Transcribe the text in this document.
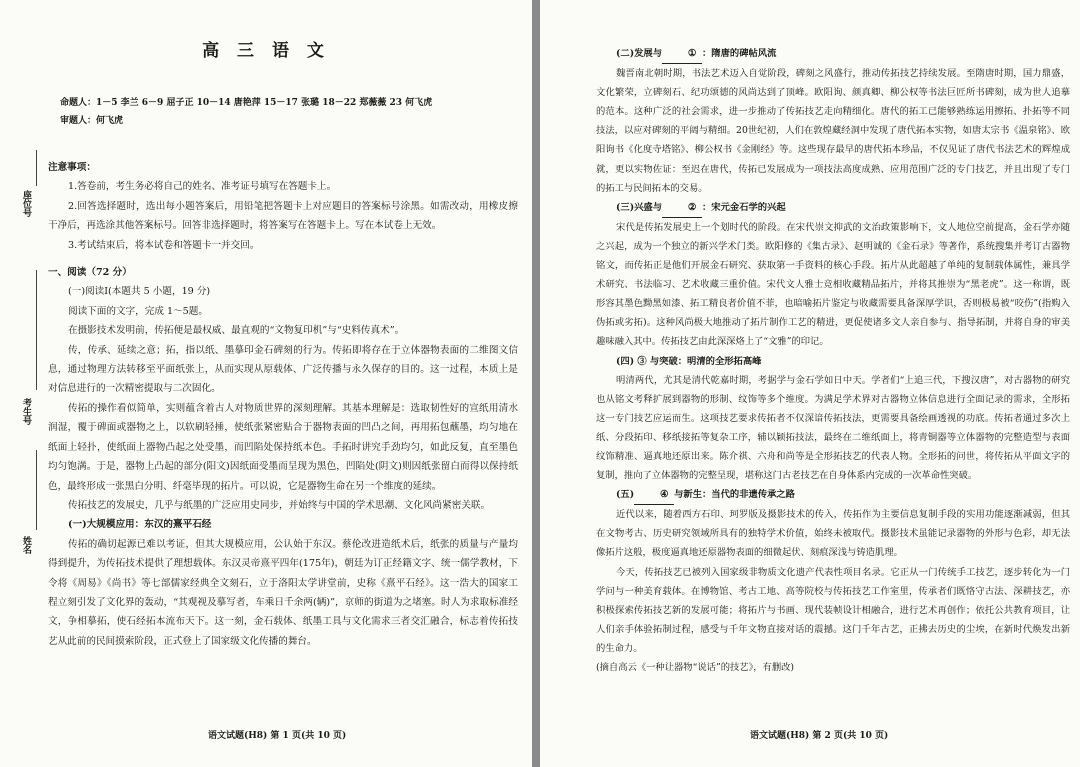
高 三 语 文
命题人：1－5 李兰 6－9 屈子正 10－14 唐艳萍 15－17 张璐 18－22 郑薇薇 23 何飞虎
审题人：何飞虎
座位号
考生号
姓名

注意事项：

1.答卷前，考生务必将自己的姓名、准考证号填写在答题卡上。

2.回答选择题时，选出每小题答案后，用铅笔把答题卡上对应题目的答案标号涂黑。如需改动，用橡皮擦干净后，再选涂其他答案标号。回答非选择题时，将答案写在答题卡上。写在本试卷上无效。

3.考试结束后，将本试卷和答题卡一并交回。

一、阅读（72 分）

(一)阅读Ⅰ(本题共 5 小题，19 分)

阅读下面的文字，完成 1～5题。

在摄影技术发明前，传拓便是最权威、最直观的“文物复印机”与“史料传真术”。

传，传承、延续之意；拓，指以纸、墨摹印金石碑刻的行为。传拓即将存在于立体器物表面的二维图文信息，通过物理方法转移至平面纸张上，从而实现从原载体、广泛传播与永久保存的目的。这一过程，本质上是对信息进行的一次精密提取与二次固化。

传拓的操作看似简单，实则蕴含着古人对物质世界的深刻理解。其基本理解是：选取韧性好的宣纸用清水润湿，覆于碑面或器物之上，以软刷轻捶，使纸张紧密贴合于器物表面的凹凸之间，再用拓包蘸墨，均匀地在纸面上轻扑，使纸面上器物凸起之处受墨，而凹陷处保持纸本色。手拓时讲究手劲均匀，如此反复，直至墨色均匀饱满。于是，器物上凸起的部分(阳文)因纸面受墨而呈现为黑色，凹陷处(阴文)则因纸张留白而得以保持纸色，最终形成一张黑白分明、纤毫毕现的拓片。可以说，它是器物生命在另一个维度的延续。

传拓技艺的发展史，几乎与纸墨的广泛应用史同步，并始终与中国的学术思潮、文化风尚紧密关联。

(一)大规模应用：东汉的熹平石经

传拓的确切起源已难以考证，但其大规模应用，公认始于东汉。蔡伦改进造纸术后，纸张的质量与产量均得到提升，为传拓技术提供了理想载体。东汉灵帝熹平四年(175年)，朝廷为订正经籍文字、统一儒学教材，下令将《周易》《尚书》等七部儒家经典全文刻石，立于洛阳太学讲堂前，史称《熹平石经》。这一浩大的国家工程立刻引发了文化界的轰动，“其观视及摹写者，车乘日千余两(辆)”，京师的街道为之堵塞。时人为求取标准经文，争相摹拓，使石经拓本流布天下。这一刻，金石载体、纸墨工具与文化需求三者交汇融合，标志着传拓技艺从此前的民间摸索阶段，正式登上了国家级文化传播的舞台。

语文试题(H8) 第 1 页(共 10 页)

(二)发展与	① ：隋唐的碑帖风流

魏晋南北朝时期，书法艺术迈入自觉阶段，碑刻之风盛行，推动传拓技艺持续发展。至隋唐时期，国力鼎盛，文化繁荣，立碑刻石、纪功颂德的风尚达到了顶峰。欧阳询、颜真卿、柳公权等书法巨匠所书碑刻，成为世人追摹的范本。这种广泛的社会需求，进一步推动了传拓技艺走向精细化。唐代的拓工已能够熟练运用擦拓、扑拓等不同技法，以应对碑刻的平阔与精细。20世纪初，人们在敦煌藏经洞中发现了唐代拓本实物，如唐太宗书《温泉铭》、欧阳询书《化度寺塔铭》、柳公权书《金刚经》等。这些现存最早的唐代拓本珍品，不仅见证了唐代书法艺术的辉煌成就，更以实物佐证：至迟在唐代，传拓已发展成为一项技法高度成熟、应用范围广泛的专门技艺，并且出现了专门的拓工与民间拓本的交易。

(三)兴盛与	② ：宋元金石学的兴起

宋代是传拓发展史上一个划时代的阶段。在宋代崇文抑武的文治政策影响下，文人地位空前提高，金石学亦随之兴起，成为一个独立的新兴学术门类。欧阳修的《集古录》、赵明诚的《金石录》等著作，系统搜集并考订古器物铭文，而传拓正是他们开展金石研究、获取第一手资料的核心手段。拓片从此超越了单纯的复制载体属性，兼具学术研究、书法临习、艺术收藏三重价值。宋代文人雅士竞相收藏精品拓片，并将其推崇为“黑老虎”。这一称谓，既形容其墨色黝黑如漆、拓工精良者价值不菲，也暗喻拓片鉴定与收藏需要具备深厚学识，否则极易被“咬伤”(指购入伪拓或劣拓)。这种风尚极大地推动了拓片制作工艺的精进，更促使诸多文人亲自参与、指导拓制，并将自身的审美趣味融入其中。传拓技艺由此深深烙上了“文雅”的印记。

(四) ③ 与突破：明清的全形拓高峰

明清两代，尤其是清代乾嘉时期，考据学与金石学如日中天。学者们“上追三代，下搜汉唐”，对古器物的研究也从铭文考释扩展到器物的形制、纹饰等多个维度。为满足学术界对古器物立体信息进行全面记录的需求，全形拓这一专门技艺应运而生。这项技艺要求传拓者不仅深谙传拓技法，更需要具备绘画透视的功底。传拓者通过多次上纸、分段拓印、移纸接拓等复杂工序，辅以颖拓技法，最终在二维纸面上，将青铜器等立体器物的完整造型与表面纹饰精准、逼真地还原出来。陈介祺、六舟和尚等是全形拓技艺的代表人物。全形拓的问世，将传拓从平面文字的复制，推向了立体器物的完整呈现，堪称这门古老技艺在自身体系内完成的一次革命性突破。

(五)	④ 与新生：当代的非遗传承之路

近代以来，随着西方石印、珂罗版及摄影技术的传入，传拓作为主要信息复制手段的实用功能逐渐减弱，但其在文物考古、历史研究领域所具有的独特学术价值，始终未被取代。摄影技术虽能记录器物的外形与色彩，却无法像拓片这般，极度逼真地还原器物表面的细微起伏、刻痕深浅与铸造肌理。

今天，传拓技艺已被列入国家级非物质文化遗产代表性项目名录。它正从一门传统手工技艺，逐步转化为一门学问与一种美育载体。在博物馆、考古工地、高等院校与传拓技艺工作室里，传承者们既恪守古法、深耕技艺，亦积极探索传拓技艺新的发展可能；将拓片与书画、现代装帧设计相融合，进行艺术再创作；依托公共教育项目，让人们亲手体验拓制过程，感受与千年文物直接对话的震撼。这门千年古艺，正拂去历史的尘埃，在新时代焕发出新的生命力。

(摘自高云《一种让器物“说话”的技艺》，有删改)

语文试题(H8) 第 2 页(共 10 页)
